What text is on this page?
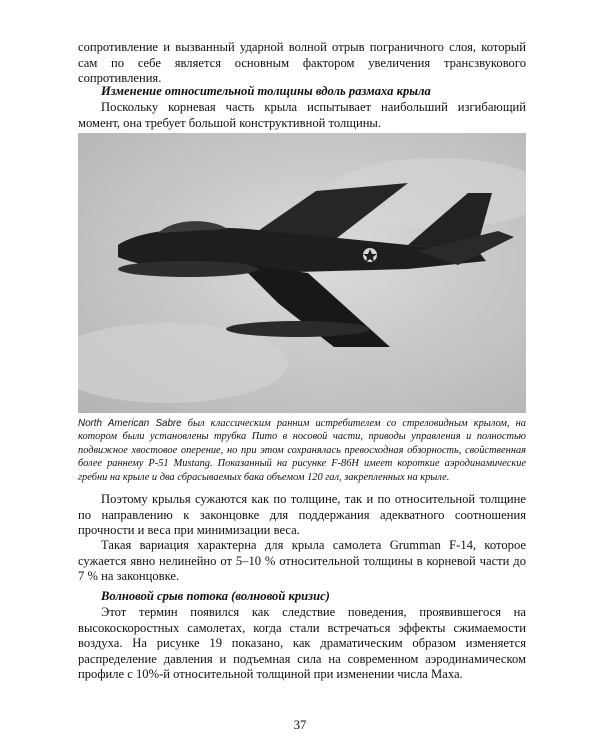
сопротивление и вызванный ударной волной отрыв пограничного слоя, который сам по себе является основным фактором увеличения трансзвукового сопротивления.

Изменение относительной толщины вдоль размаха крыла

Поскольку корневая часть крыла испытывает наибольший изгибающий момент, она требует большой конструктивной толщины.

North American Sabre был классическим ранним истребителем со стреловидным крылом, на котором были установлены трубка Пито в носовой части, приводы управления и полностью подвижное хвостовое оперение, но при этом сохранялась превосходная обзорность, свойственная более раннему P-51 Mustang. Показанный на рисунке F-86H имеет короткие аэродинамические гребни на крыле и два сбрасываемых бака объемом 120 гал, закрепленных на крыле.

Поэтому крылья сужаются как по толщине, так и по относительной толщине по направлению к законцовке для поддержания адекватного соотношения прочности и веса при минимизации веса.

Такая вариация характерна для крыла самолета Grumman F-14, которое сужается явно нелинейно от 5–10 % относительной толщины в корневой части до 7 % на законцовке.

Волновой срыв потока (волновой кризис)

Этот термин появился как следствие поведения, проявившегося на высокоскоростных самолетах, когда стали встречаться эффекты сжимаемости воздуха. На рисунке 19 показано, как драматическим образом изменяется распределение давления и подъемная сила на современном аэродинамическом профиле с 10%-й относительной толщиной при изменении числа Маха.

37
